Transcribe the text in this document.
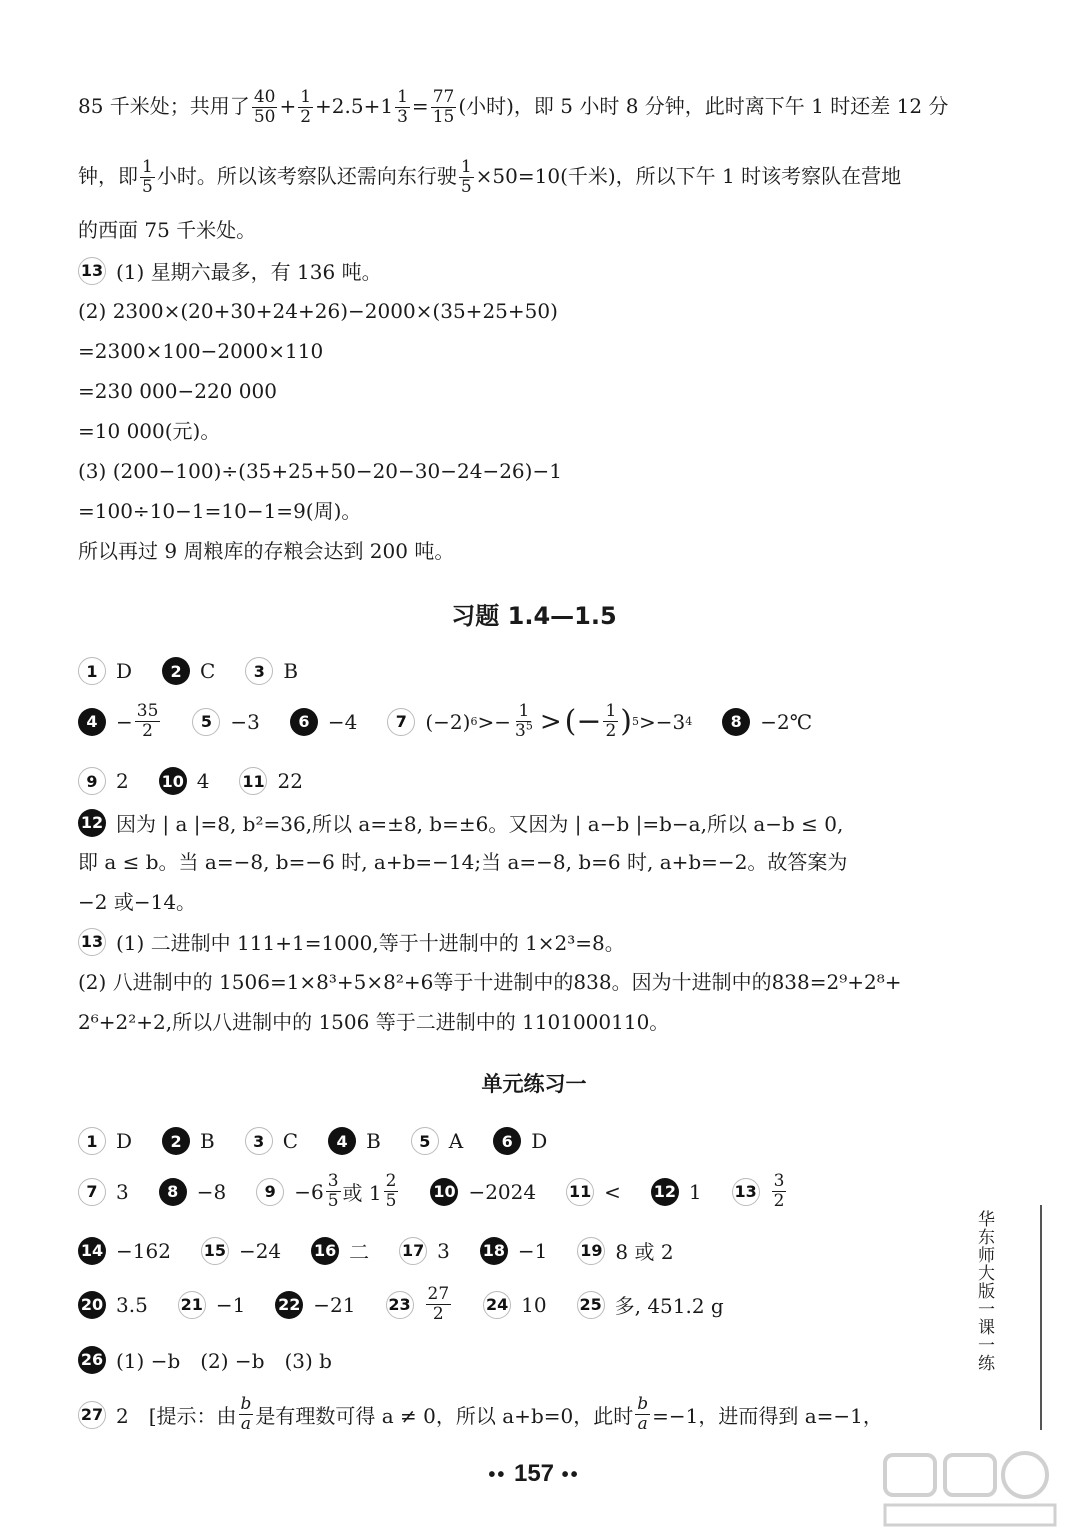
85 千米处；共用了 $\frac{40}{50} + \frac{1}{2} +2.5+1 \frac{1}{3} = \frac{77}{15}$ (小时)，即 5 小时 8 分钟，此时离下午 1 时还差 12 分
钟，即 $\frac{1}{5}$ 小时。所以该考察队还需向东行驶 $\frac{1}{5} \times 50=10$(千米)，所以下午 1 时该考察队在营地
的西面 75 千米处。
13 (1) 星期六最多，有 136 吨。
(2) 2300×(20+30+24+26)−2000×(35+25+50)
=2300×100−2000×110
=230 000−220 000
=10 000(元)。
(3) (200−100)÷(35+25+50−20−30−24−26)−1
=100÷10−1=10−1=9(周)。
所以再过 9 周粮库的存粮会达到 200 吨。
习题 1.4—1.5
1 D	2 C	3 B
$4 - \frac{35}{2}$	5 −3	6 −4	7 (−2) $6 >- \frac{1}{3^5}$ > (− $\frac{1}{2}$ ) 5 >−3 4	8 −2℃
9 2 10 4 11 22
12 因为 | a |=8, b²=36,所以 a=±8, b=±6。又因为 | a−b |=b−a,所以 a−b ≤ 0,
即 a ≤ b。当 a=−8, b=−6 时, a+b=−14;当 a=−8, b=6 时, a+b=−2。故答案为
−2 或−14。
13 (1) 二进制中 111+1=1000,等于十进制中的 1×2³=8。
(2) 八进制中的 1506=1×8³+5×8²+6等于十进制中的838。因为十进制中的838=2⁹+2⁸+
2⁶+2²+2,所以八进制中的 1506 等于二进制中的 1101000110。
单元练习一
1 D	2 B	3 C	4 B	5 A	6 D
7 3	8 −8	$9 -6 \frac{3}{5}$ 或 $1 \frac{2}{5} 10 -2024$ 11 < 12 1 $13 \frac{3}{2}$
14 −162 15 −24 16 二 17 3 18 −1 19 8 或 2
20 3.5 21 −1 22 −21 $23 \frac{27}{2} 24$ 10 25 多, 451.2 g
26 (1) −b　(2) −b　(3) b
27 2　[提示：由 $\frac{b}{a}$ 是有理数可得 a ≠ 0，所以 a+b=0，此时 $\frac{b}{a} =-1$，进而得到 a=−1，
华东师大版一课一练
•• 157 ••
